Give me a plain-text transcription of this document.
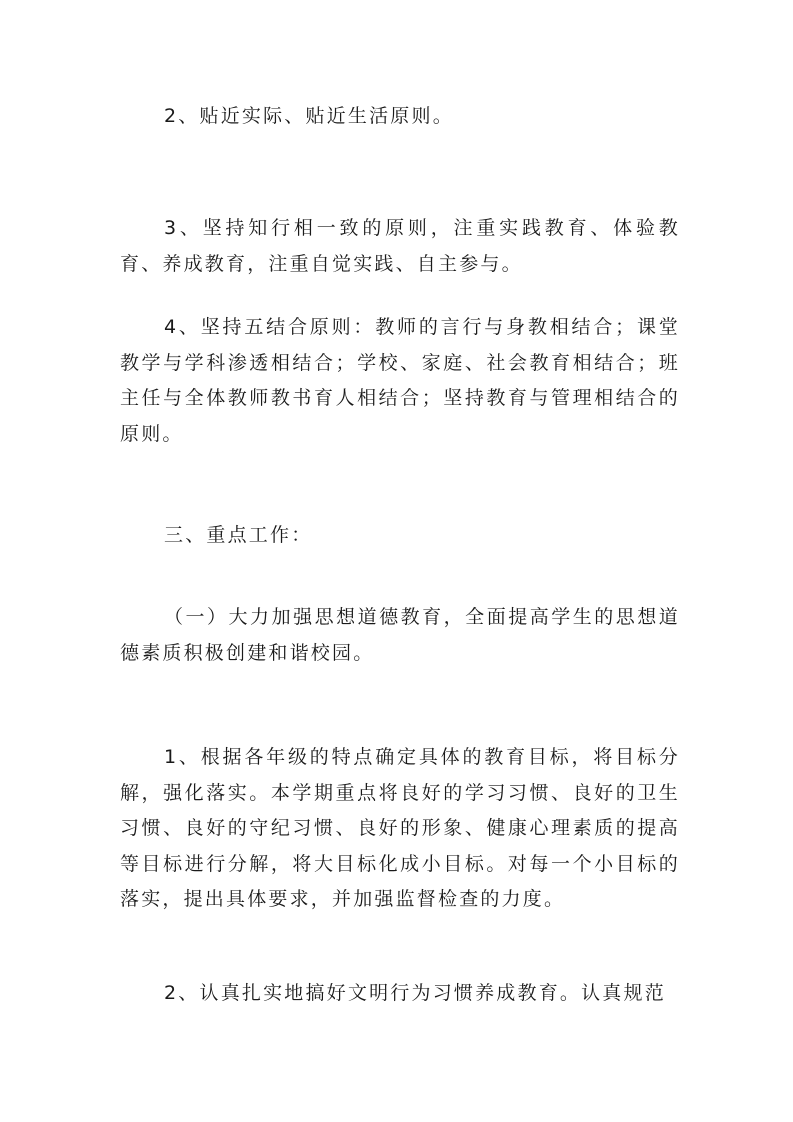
2、贴近实际、贴近生活原则。

3、坚持知行相一致的原则，注重实践教育、体验教育、养成教育，注重自觉实践、自主参与。

4、坚持五结合原则：教师的言行与身教相结合；课堂教学与学科渗透相结合；学校、家庭、社会教育相结合；班主任与全体教师教书育人相结合；坚持教育与管理相结合的原则。

三、重点工作：

（一）大力加强思想道德教育，全面提高学生的思想道德素质积极创建和谐校园。

1、根据各年级的特点确定具体的教育目标，将目标分解，强化落实。本学期重点将良好的学习习惯、良好的卫生习惯、良好的守纪习惯、良好的形象、健康心理素质的提高等目标进行分解，将大目标化成小目标。对每一个小目标的落实，提出具体要求，并加强监督检查的力度。

2、认真扎实地搞好文明行为习惯养成教育。认真规范
